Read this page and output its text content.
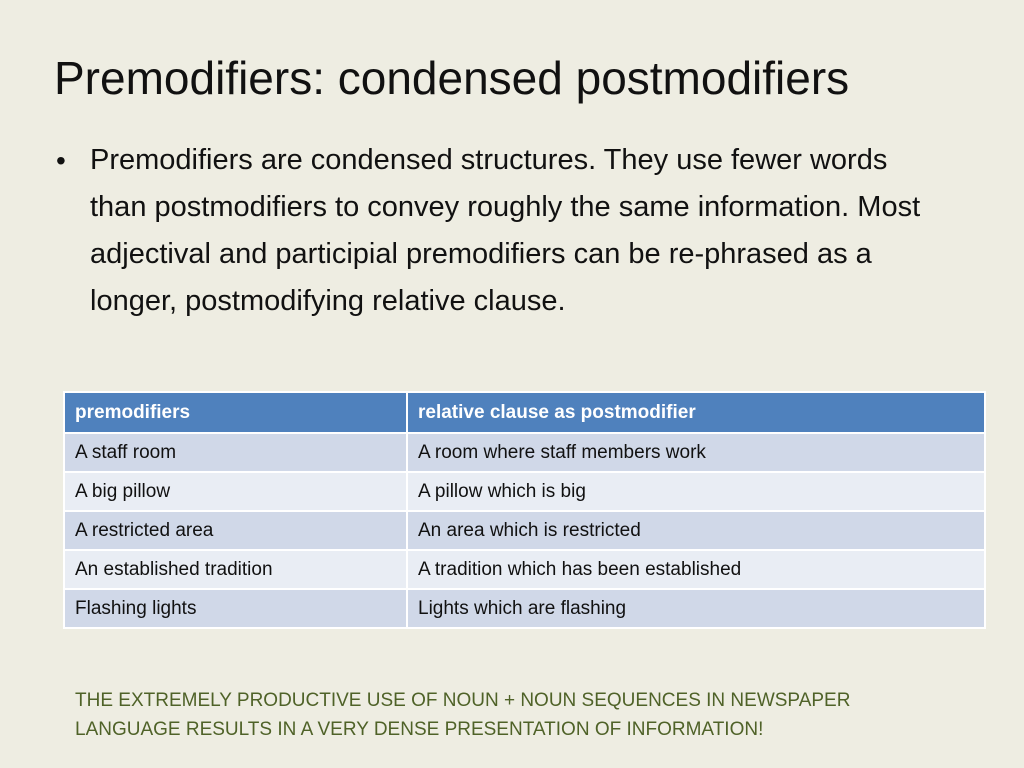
Premodifiers: condensed postmodifiers
• Premodifiers are condensed structures. They use fewer words than postmodifiers to convey roughly the same information. Most adjectival and participial premodifiers can be re-phrased as a longer, postmodifying relative clause.
premodifiers	relative clause as postmodifier
A staff room	A room where staff members work
A big pillow	A pillow which is big
A restricted area	An area which is restricted
An established tradition	A tradition which has been established
Flashing lights	Lights which are flashing
THE EXTREMELY PRODUCTIVE USE OF NOUN + NOUN SEQUENCES IN NEWSPAPER
LANGUAGE RESULTS IN A VERY DENSE PRESENTATION OF INFORMATION!
